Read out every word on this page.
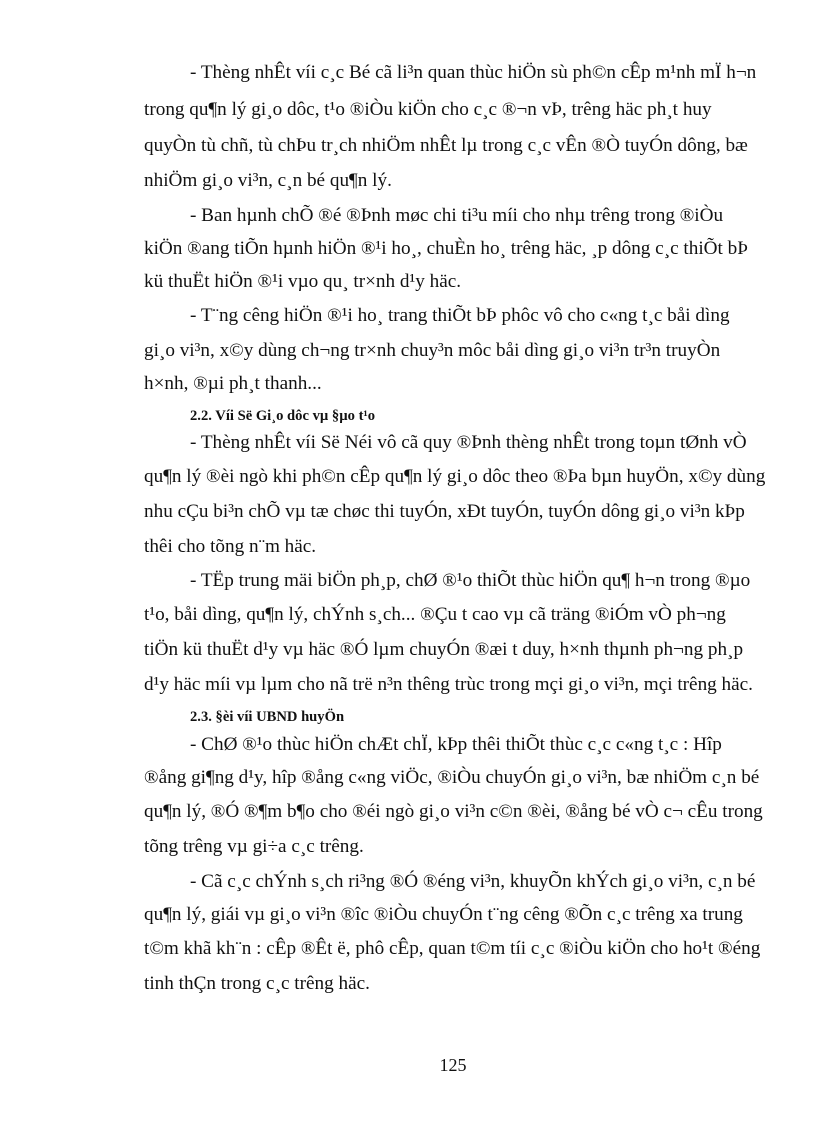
- Thèng nhÊt víi c¸c Bé cã li³n quan thùc hiÖn sù ph©n cÊp m¹nh mÏ h¬n
trong qu¶n lý gi¸o dôc, t¹o ®iÒu kiÖn cho c¸c ®¬n vÞ, trêng häc ph¸t huy
quyÒn tù chñ, tù chÞu tr¸ch nhiÖm nhÊt lµ trong c¸c vÊn ®Ò tuyÓn dông, bæ
nhiÖm gi¸o vi³n, c¸n bé qu¶n lý.
- Ban hµnh chÕ ®é ®Þnh møc chi ti³u míi cho nhµ trêng trong ®iÒu
kiÖn ®ang tiÕn hµnh hiÖn ®¹i ho¸, chuÈn ho¸ trêng häc, ¸p dông c¸c thiÕt bÞ
kü thuËt hiÖn ®¹i vµo qu¸ tr×nh d¹y häc.
- T¨ng cêng hiÖn ®¹i ho¸ trang thiÕt bÞ phôc vô cho c«ng t¸c båi dìng
gi¸o vi³n, x©y dùng ch¬ng tr×nh chuy³n môc båi dìng gi¸o vi³n tr³n truyÒn
h×nh, ®µi ph¸t thanh...
2.2. Víi Së Gi¸o dôc vµ §µo t¹o
- Thèng nhÊt víi Së Néi vô cã quy ®Þnh thèng nhÊt trong toµn tØnh vÒ
qu¶n lý ®èi ngò khi ph©n cÊp qu¶n lý gi¸o dôc theo ®Þa bµn huyÖn, x©y dùng
nhu cÇu bi³n chÕ vµ tæ chøc thi tuyÓn, xÐt tuyÓn, tuyÓn dông gi¸o vi³n kÞp
thêi cho tõng n¨m häc.
- TËp trung mäi biÖn ph¸p, chØ ®¹o thiÕt thùc hiÖn qu¶ h¬n trong ®µo
t¹o, båi dìng, qu¶n lý, chÝnh s¸ch... ®Çu t cao vµ cã träng ®iÓm vÒ ph¬ng
tiÖn kü thuËt d¹y vµ häc ®Ó lµm chuyÓn ®æi t duy, h×nh thµnh ph¬ng ph¸p
d¹y häc míi vµ lµm cho nã trë n³n thêng trùc trong mçi gi¸o vi³n, mçi trêng häc.
2.3. §èi víi UBND huyÖn
- ChØ ®¹o thùc hiÖn chÆt chÏ, kÞp thêi thiÕt thùc c¸c c«ng t¸c : Hîp
®ång gi¶ng d¹y, hîp ®ång c«ng viÖc, ®iÒu chuyÓn gi¸o vi³n, bæ nhiÖm c¸n bé
qu¶n lý, ®Ó ®¶m b¶o cho ®éi ngò gi¸o vi³n c©n ®èi, ®ång bé vÒ c¬ cÊu trong
tõng trêng vµ gi÷a c¸c trêng.
- Cã c¸c chÝnh s¸ch ri³ng ®Ó ®éng vi³n, khuyÕn khÝch gi¸o vi³n, c¸n bé
qu¶n lý, giái vµ gi¸o vi³n ®îc ®iÒu chuyÓn t¨ng cêng ®Õn c¸c trêng xa trung
t©m khã kh¨n : cÊp ®Êt ë, phô cÊp, quan t©m tíi c¸c ®iÒu kiÖn cho ho¹t ®éng
tinh thÇn trong c¸c trêng häc.
125
